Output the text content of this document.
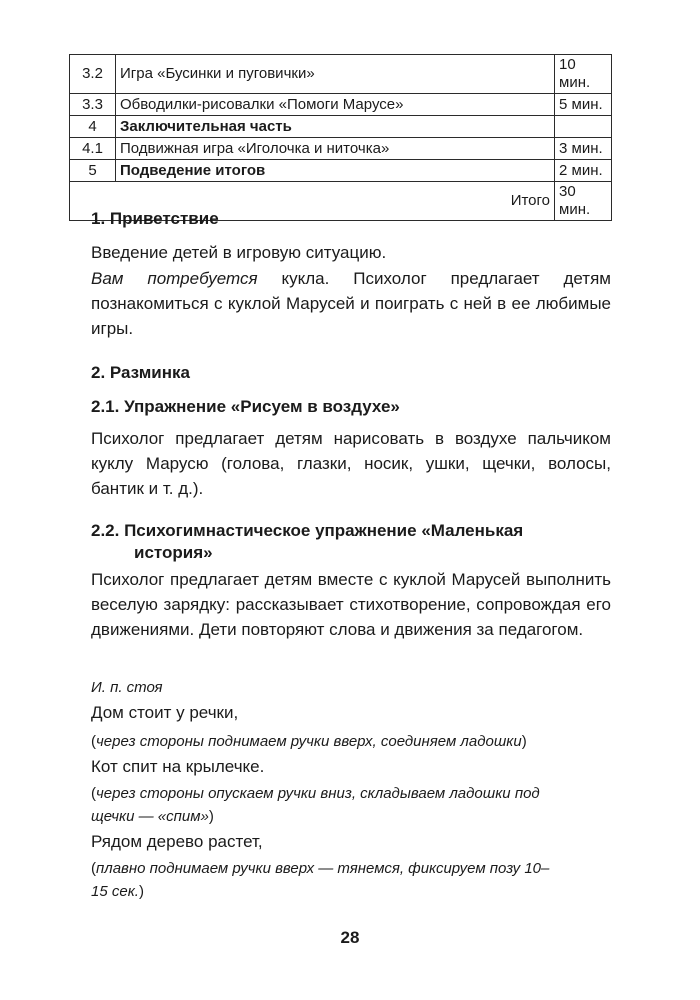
3.2	Игра «Бусинки и пуговички»	10 мин.
3.3	Обводилки-рисовалки «Помоги Марусе»	5 мин.
4	Заключительная часть	
4.1	Подвижная игра «Иголочка и ниточка»	3 мин.
5	Подведение итогов	2 мин.
Итого		30 мин.
1. Приветствие

Введение детей в игровую ситуацию.

Вам потребуется кукла. Психолог предлагает детям познакомиться с куклой Марусей и поиграть с ней в ее любимые игры.

2. Разминка
2.1. Упражнение «Рисуем в воздухе»

Психолог предлагает детям нарисовать в воздухе пальчиком куклу Марусю (голова, глазки, носик, ушки, щечки, волосы, бантик и т. д.).

2.2. Психогимнастическое упражнение «Маленькая
история»

Психолог предлагает детям вместе с куклой Марусей выполнить веселую зарядку: рассказывает стихотворение, сопровождая его движениями. Дети повторяют слова и движения за педагогом.

И. п. стоя

Дом стоит у речки,

(через стороны поднимаем ручки вверх, соединяем ладошки)

Кот спит на крылечке.

(через стороны опускаем ручки вниз, складываем ладошки под щечки — «спим»)

Рядом дерево растет,

(плавно поднимаем ручки вверх — тянемся, фиксируем позу 10–15 сек.)

28
